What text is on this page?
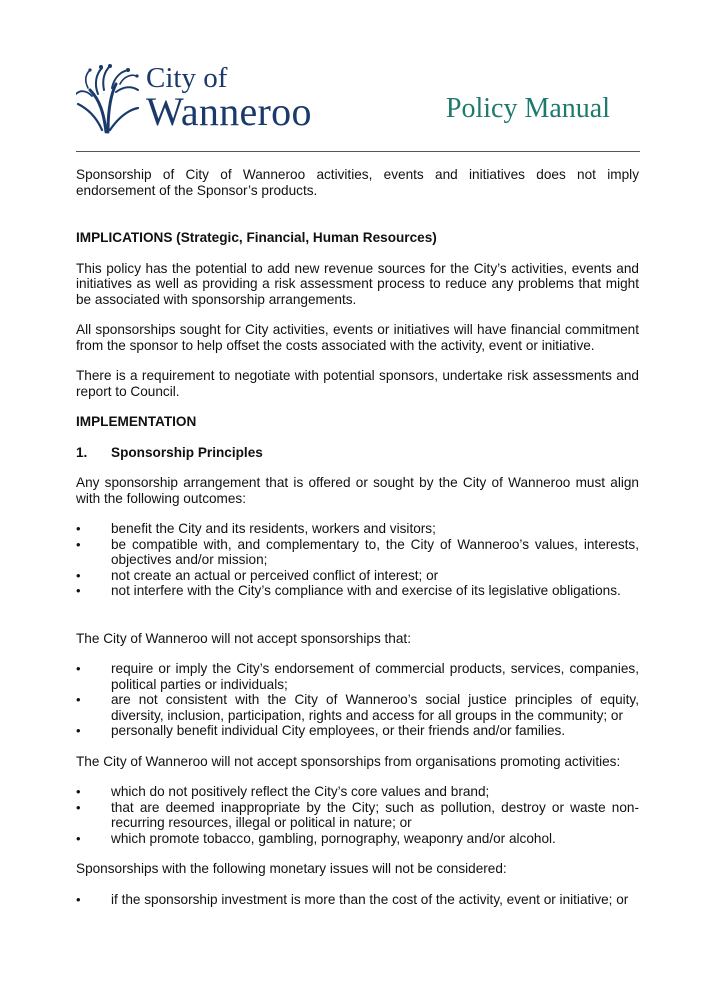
City of
Wanneroo	Policy Manual

Sponsorship of City of Wanneroo activities, events and initiatives does not imply endorsement of the Sponsor’s products.

IMPLICATIONS (Strategic, Financial, Human Resources)

This policy has the potential to add new revenue sources for the City’s activities, events and initiatives as well as providing a risk assessment process to reduce any problems that might be associated with sponsorship arrangements.

All sponsorships sought for City activities, events or initiatives will have financial commitment from the sponsor to help offset the costs associated with the activity, event or initiative.

There is a requirement to negotiate with potential sponsors, undertake risk assessments and report to Council.

IMPLEMENTATION
1.	Sponsorship Principles

Any sponsorship arrangement that is offered or sought by the City of Wanneroo must align with the following outcomes:

•	benefit the City and its residents, workers and visitors;
•	be compatible with, and complementary to, the City of Wanneroo’s values, interests, objectives and/or mission;
•	not create an actual or perceived conflict of interest; or
•	not interfere with the City’s compliance with and exercise of its legislative obligations.

The City of Wanneroo will not accept sponsorships that:

•	require or imply the City’s endorsement of commercial products, services, companies, political parties or individuals;
•	are not consistent with the City of Wanneroo’s social justice principles of equity, diversity, inclusion, participation, rights and access for all groups in the community; or
•	personally benefit individual City employees, or their friends and/or families.

The City of Wanneroo will not accept sponsorships from organisations promoting activities:

•	which do not positively reflect the City’s core values and brand;
•	that are deemed inappropriate by the City; such as pollution, destroy or waste non-recurring resources, illegal or political in nature; or
•	which promote tobacco, gambling, pornography, weaponry and/or alcohol.

Sponsorships with the following monetary issues will not be considered:

•	if the sponsorship investment is more than the cost of the activity, event or initiative; or
